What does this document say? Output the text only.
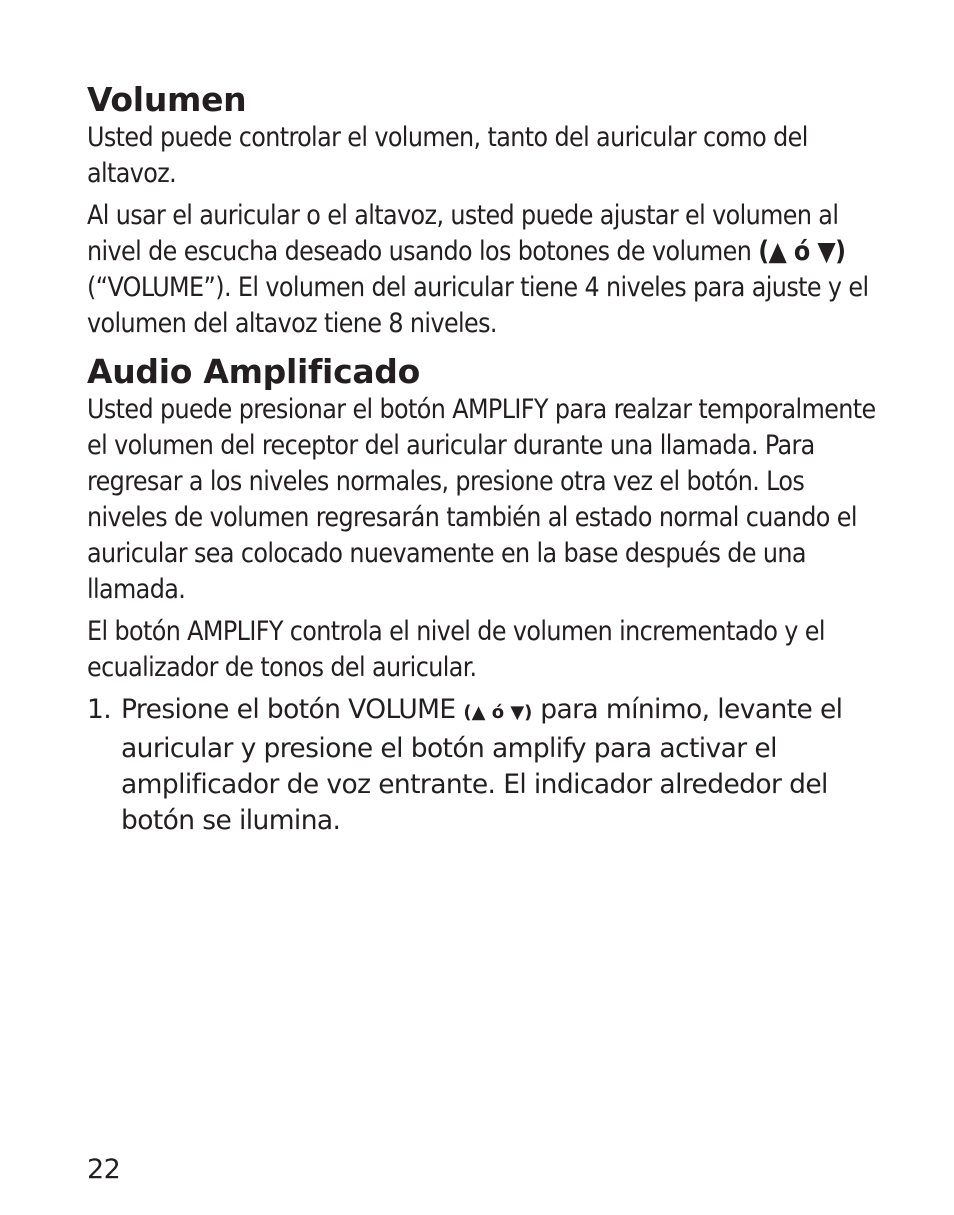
Volumen

Usted puede controlar el volumen, tanto del auricular como del altavoz.

Al usar el auricular o el altavoz, usted puede ajustar el volumen al nivel de escucha deseado usando los botones de volumen (▲ ó ▼) (“VOLUME”). El volumen del auricular tiene 4 niveles para ajuste y el volumen del altavoz tiene 8 niveles.

Audio Amplificado

Usted puede presionar el botón AMPLIFY para realzar temporalmente el volumen del receptor del auricular durante una llamada. Para regresar a los niveles normales, presione otra vez el botón. Los niveles de volumen regresarán también al estado normal cuando el auricular sea colocado nuevamente en la base después de una llamada.

El botón AMPLIFY controla el nivel de volumen incrementado y el ecualizador de tonos del auricular.

1. Presione el botón VOLUME (▲ ó ▼) para mínimo, levante el auricular y presione el botón amplify para activar el amplificador de voz entrante. El indicador alrededor del botón se ilumina.
22
